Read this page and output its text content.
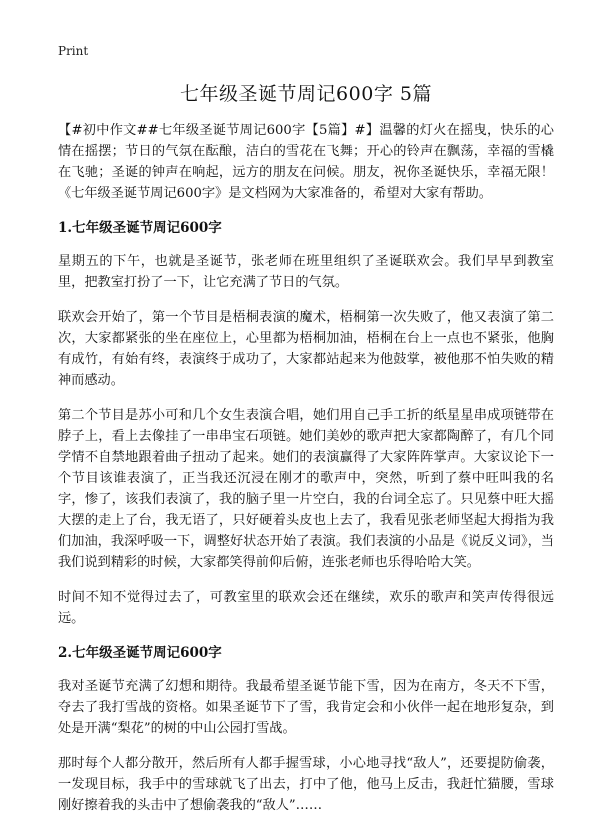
Print
七年级圣诞节周记600字 5篇

【#初中作文##七年级圣诞节周记600字【5篇】#】温馨的灯火在摇曳，快乐的心情在摇摆；节日的气氛在酝酿，洁白的雪花在飞舞；开心的铃声在飘荡，幸福的雪橇在飞驰；圣诞的钟声在响起，远方的朋友在问候。朋友，祝你圣诞快乐，幸福无限！《七年级圣诞节周记600字》是文档网为大家准备的，希望对大家有帮助。

1.七年级圣诞节周记600字

星期五的下午，也就是圣诞节，张老师在班里组织了圣诞联欢会。我们早早到教室里，把教室打扮了一下，让它充满了节日的气氛。

联欢会开始了，第一个节目是梧桐表演的魔术，梧桐第一次失败了，他又表演了第二次，大家都紧张的坐在座位上，心里都为梧桐加油，梧桐在台上一点也不紧张，他胸有成竹，有始有终，表演终于成功了，大家都站起来为他鼓掌，被他那不怕失败的精神而感动。

第二个节目是苏小可和几个女生表演合唱，她们用自己手工折的纸星星串成项链带在脖子上，看上去像挂了一串串宝石项链。她们美妙的歌声把大家都陶醉了，有几个同学情不自禁地跟着曲子扭动了起来。她们的表演赢得了大家阵阵掌声。大家议论下一个节目该谁表演了，正当我还沉浸在刚才的歌声中，突然，听到了蔡中旺叫我的名字，惨了，该我们表演了，我的脑子里一片空白，我的台词全忘了。只见蔡中旺大摇大摆的走上了台，我无语了，只好硬着头皮也上去了，我看见张老师坚起大拇指为我们加油，我深呼吸一下，调整好状态开始了表演。我们表演的小品是《说反义词》，当我们说到精彩的时候，大家都笑得前仰后俯，连张老师也乐得哈哈大笑。

时间不知不觉得过去了，可教室里的联欢会还在继续，欢乐的歌声和笑声传得很远远。

2.七年级圣诞节周记600字

我对圣诞节充满了幻想和期待。我最希望圣诞节能下雪，因为在南方，冬天不下雪，夺去了我打雪战的资格。如果圣诞节下了雪，我肯定会和小伙伴一起在地形复杂，到处是开满“梨花”的树的中山公园打雪战。

那时每个人都分散开，然后所有人都手握雪球，小心地寻找“敌人”，还要提防偷袭，一发现目标，我手中的雪球就飞了出去，打中了他，他马上反击，我赶忙猫腰，雪球刚好擦着我的头击中了想偷袭我的“敌人”……
